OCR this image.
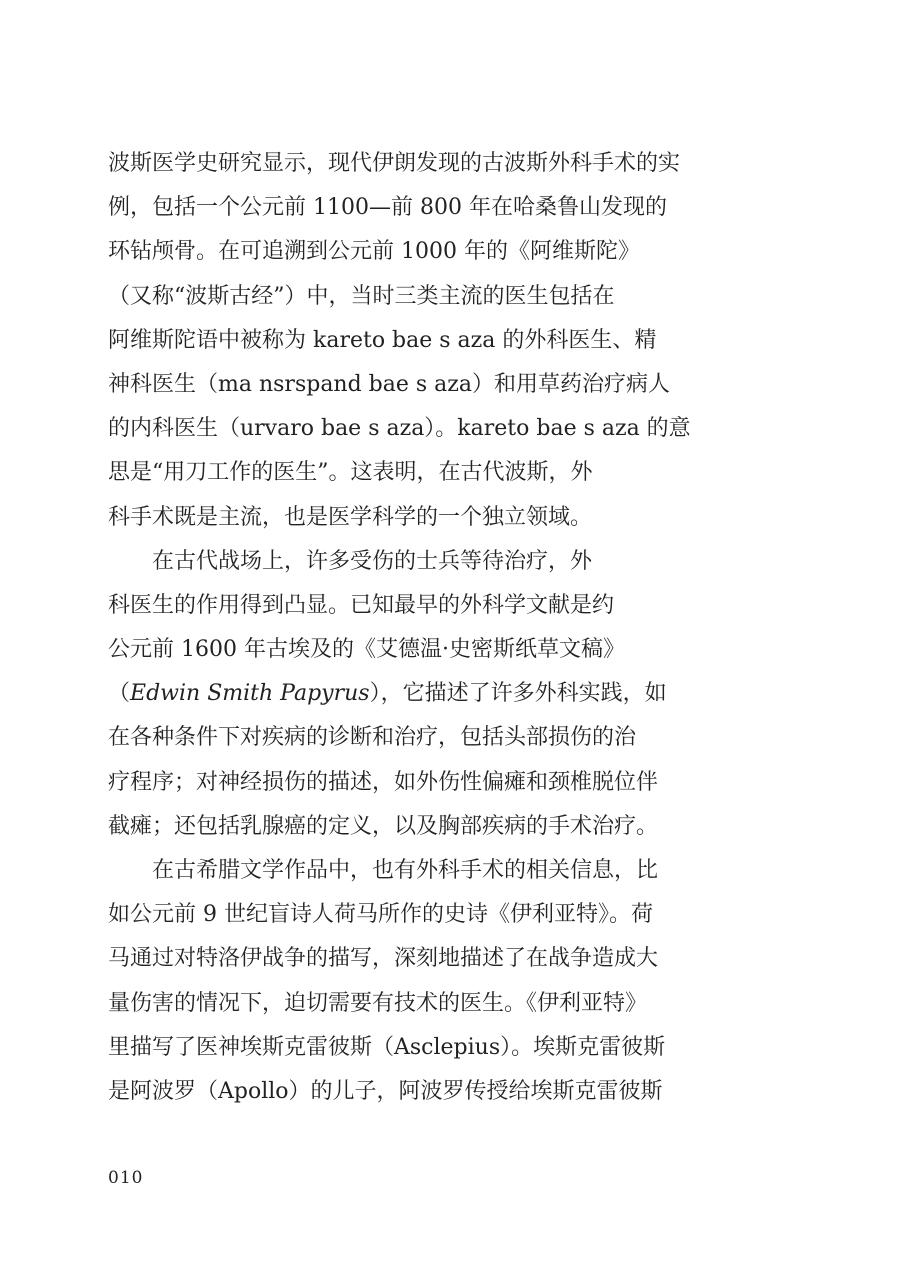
波斯医学史研究显示，现代伊朗发现的古波斯外科手术的实
例，包括一个公元前 1100—前 800 年在哈桑鲁山发现的
环钻颅骨。在可追溯到公元前 1000 年的《阿维斯陀》
（又称“波斯古经”）中，当时三类主流的医生包括在
阿维斯陀语中被称为 kareto bae s aza 的外科医生、精
神科医生（ma nsrspand bae s aza）和用草药治疗病人
的内科医生（urvaro bae s aza）。kareto bae s aza 的意
思是“用刀工作的医生”。这表明，在古代波斯，外
科手术既是主流，也是医学科学的一个独立领域。
在古代战场上，许多受伤的士兵等待治疗，外
科医生的作用得到凸显。已知最早的外科学文献是约
公元前 1600 年古埃及的《艾德温·史密斯纸草文稿》
（Edwin Smith Papyrus），它描述了许多外科实践，如
在各种条件下对疾病的诊断和治疗，包括头部损伤的治
疗程序；对神经损伤的描述，如外伤性偏瘫和颈椎脱位伴
截瘫；还包括乳腺癌的定义，以及胸部疾病的手术治疗。
在古希腊文学作品中，也有外科手术的相关信息，比
如公元前 9 世纪盲诗人荷马所作的史诗《伊利亚特》。荷
马通过对特洛伊战争的描写，深刻地描述了在战争造成大
量伤害的情况下，迫切需要有技术的医生。《伊利亚特》
里描写了医神埃斯克雷彼斯（Asclepius）。埃斯克雷彼斯
是阿波罗（Apollo）的儿子，阿波罗传授给埃斯克雷彼斯
010
